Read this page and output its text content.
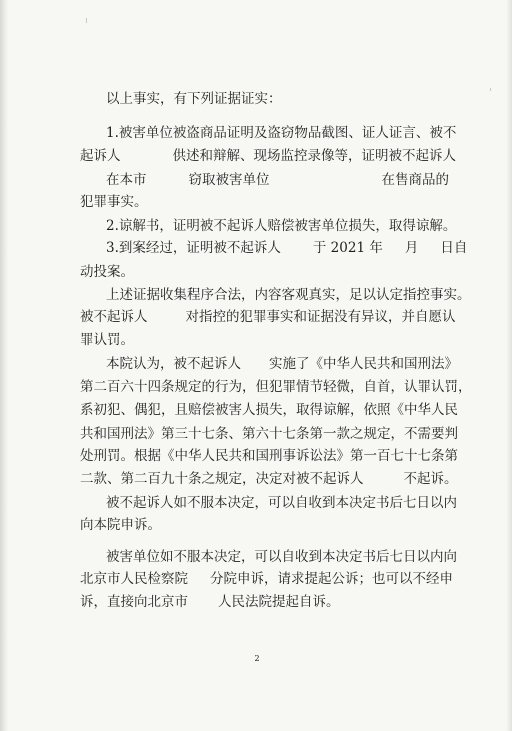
以上事实，有下列证据证实：
1.被害单位被盗商品证明及盗窃物品截图、证人证言、被不
起诉人	供述和辩解、现场监控录像等，证明被不起诉人
在本市	窃取被害单位	在售商品的
犯罪事实。
2.谅解书，证明被不起诉人赔偿被害单位损失，取得谅解。
3.到案经过，证明被不起诉人 于 2021 年 月 日自
动投案。
上述证据收集程序合法，内容客观真实，足以认定指控事实。
被不起诉人	对指控的犯罪事实和证据没有异议，并自愿认
罪认罚。
本院认为，被不起诉人 实施了《中华人民共和国刑法》
第二百六十四条规定的行为，但犯罪情节轻微，自首，认罪认罚，
系初犯、偶犯，且赔偿被害人损失，取得谅解，依照《中华人民
共和国刑法》第三十七条、第六十七条第一款之规定，不需要判
处刑罚。根据《中华人民共和国刑事诉讼法》第一百七十七条第
二款、第二百九十条之规定，决定对被不起诉人	不起诉。
被不起诉人如不服本决定，可以自收到本决定书后七日以内
向本院申诉。
被害单位如不服本决定，可以自收到本决定书后七日以内向
北京市人民检察院 分院申诉，请求提起公诉；也可以不经申
诉，直接向北京市 人民法院提起自诉。
2
